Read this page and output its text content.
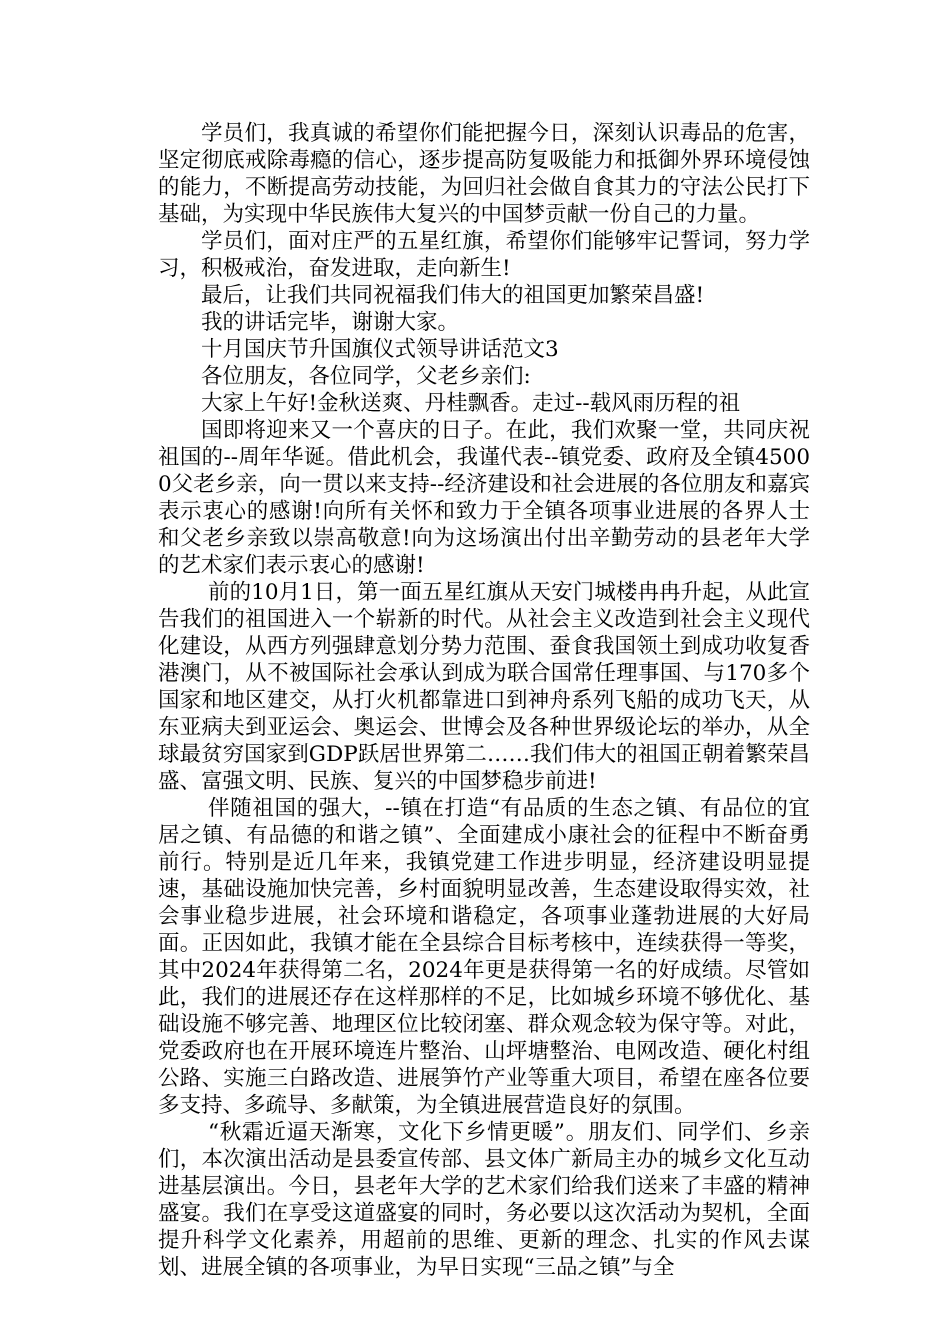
学员们，我真诚的希望你们能把握今日，深刻认识毒品的危害，坚定彻底戒除毒瘾的信心，逐步提高防复吸能力和抵御外界环境侵蚀的能力，不断提高劳动技能，为回归社会做自食其力的守法公民打下基础，为实现中华民族伟大复兴的中国梦贡献一份自己的力量。

学员们，面对庄严的五星红旗，希望你们能够牢记誓词，努力学习，积极戒治，奋发进取，走向新生!

最后，让我们共同祝福我们伟大的祖国更加繁荣昌盛!

我的讲话完毕，谢谢大家。

十月国庆节升国旗仪式领导讲话范文3

各位朋友，各位同学，父老乡亲们:

大家上午好!金秋送爽、丹桂飘香。走过--载风雨历程的祖

国即将迎来又一个喜庆的日子。在此，我们欢聚一堂，共同庆祝祖国的--周年华诞。借此机会，我谨代表--镇党委、政府及全镇45000父老乡亲，向一贯以来支持--经济建设和社会进展的各位朋友和嘉宾表示衷心的感谢!向所有关怀和致力于全镇各项事业进展的各界人士和父老乡亲致以崇高敬意!向为这场演出付出辛勤劳动的县老年大学的艺术家们表示衷心的感谢!

前的10月1日，第一面五星红旗从天安门城楼冉冉升起，从此宣告我们的祖国进入一个崭新的时代。从社会主义改造到社会主义现代化建设，从西方列强肆意划分势力范围、蚕食我国领土到成功收复香港澳门，从不被国际社会承认到成为联合国常任理事国、与170多个国家和地区建交，从打火机都靠进口到神舟系列飞船的成功飞天，从东亚病夫到亚运会、奥运会、世博会及各种世界级论坛的举办，从全球最贫穷国家到GDP跃居世界第二……我们伟大的祖国正朝着繁荣昌盛、富强文明、民族、复兴的中国梦稳步前进!

伴随祖国的强大，--镇在打造“有品质的生态之镇、有品位的宜居之镇、有品德的和谐之镇”、全面建成小康社会的征程中不断奋勇前行。特别是近几年来，我镇党建工作进步明显，经济建设明显提速，基础设施加快完善，乡村面貌明显改善，生态建设取得实效，社会事业稳步进展，社会环境和谐稳定，各项事业蓬勃进展的大好局面。正因如此，我镇才能在全县综合目标考核中，连续获得一等奖，其中2024年获得第二名，2024年更是获得第一名的好成绩。尽管如此，我们的进展还存在这样那样的不足，比如城乡环境不够优化、基础设施不够完善、地理区位比较闭塞、群众观念较为保守等。对此，党委政府也在开展环境连片整治、山坪塘整治、电网改造、硬化村组公路、实施三白路改造、进展笋竹产业等重大项目，希望在座各位要多支持、多疏导、多献策，为全镇进展营造良好的氛围。

“秋霜近逼天渐寒，文化下乡情更暖”。朋友们、同学们、乡亲们，本次演出活动是县委宣传部、县文体广新局主办的城乡文化互动进基层演出。今日，县老年大学的艺术家们给我们送来了丰盛的精神盛宴。我们在享受这道盛宴的同时，务必要以这次活动为契机，全面提升科学文化素养，用超前的思维、更新的理念、扎实的作风去谋划、进展全镇的各项事业，为早日实现“三品之镇”与全
